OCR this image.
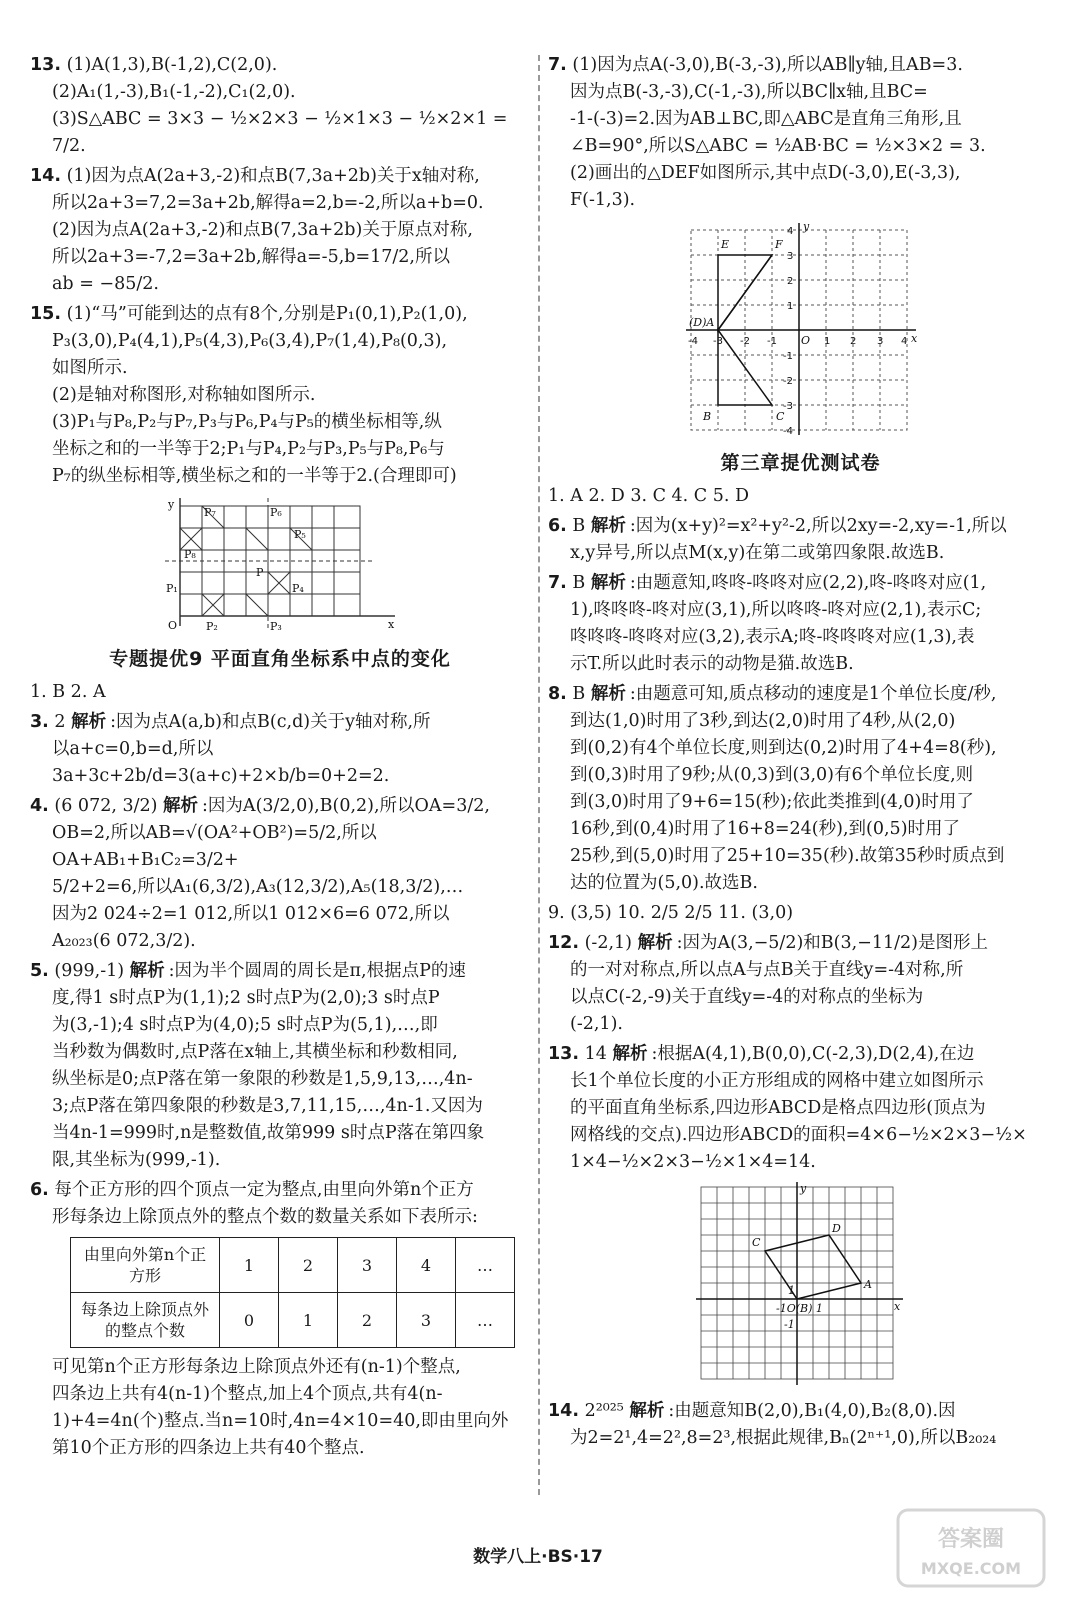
13. (1)A(1,3),B(-1,2),C(2,0).
(2)A₁(1,-3),B₁(-1,-2),C₁(2,0).
(3)S△ABC = 3×3 − ½×2×3 − ½×1×3 − ½×2×1 = 7/2.
14. (1)因为点A(2a+3,-2)和点B(7,3a+2b)关于x轴对称,
所以2a+3=7,2=3a+2b,解得a=2,b=-2,所以a+b=0.
(2)因为点A(2a+3,-2)和点B(7,3a+2b)关于原点对称,
所以2a+3=-7,2=3a+2b,解得a=-5,b=17/2,所以
ab = −85/2.
15. (1)“马”可能到达的点有8个,分别是P₁(0,1),P₂(1,0),
P₃(3,0),P₄(4,1),P₅(4,3),P₆(3,4),P₇(1,4),P₈(0,3),
如图所示.
(2)是轴对称图形,对称轴如图所示.
(3)P₁与P₈,P₂与P₇,P₃与P₆,P₄与P₅的横坐标相等,纵
坐标之和的一半等于2;P₁与P₄,P₂与P₃,P₅与P₈,P₆与
P₇的纵坐标相等,横坐标之和的一半等于2.(合理即可)
P₇	P₆
P₅
P₈
P₁	P₄
P
O	P₂	P₃	x
y
专题提优9 平面直角坐标系中点的变化
1. B 2. A
3. 2 解析 :因为点A(a,b)和点B(c,d)关于y轴对称,所
以a+c=0,b=d,所以3a+3c+2b/d=3(a+c)+2×b/b=0+2=2.
4. (6 072, 3/2) 解析 :因为A(3/2,0),B(0,2),所以OA=3/2,
OB=2,所以AB=√(OA²+OB²)=5/2,所以OA+AB₁+B₁C₂=3/2+
5/2+2=6,所以A₁(6,3/2),A₃(12,3/2),A₅(18,3/2),…
因为2 024÷2=1 012,所以1 012×6=6 072,所以
A₂₀₂₃(6 072,3/2).
5. (999,-1) 解析 :因为半个圆周的周长是π,根据点P的速
度,得1 s时点P为(1,1);2 s时点P为(2,0);3 s时点P
为(3,-1);4 s时点P为(4,0);5 s时点P为(5,1),…,即
当秒数为偶数时,点P落在x轴上,其横坐标和秒数相同,
纵坐标是0;点P落在第一象限的秒数是1,5,9,13,…,4n-
3;点P落在第四象限的秒数是3,7,11,15,…,4n-1.又因为
当4n-1=999时,n是整数值,故第999 s时点P落在第四象
限,其坐标为(999,-1).
6. 每个正方形的四个顶点一定为整点,由里向外第n个正方
形每条边上除顶点外的整点个数的数量关系如下表所示:
由里向外第n个正方形	1	2	3	4	…
每条边上除顶点外的整点个数	0	1	2	3	…
可见第n个正方形每条边上除顶点外还有(n-1)个整点,
四条边上共有4(n-1)个整点,加上4个顶点,共有4(n-
1)+4=4n(个)整点.当n=10时,4n=4×10=40,即由里向外
第10个正方形的四条边上共有40个整点.
7. (1)因为点A(-3,0),B(-3,-3),所以AB∥y轴,且AB=3.
因为点B(-3,-3),C(-1,-3),所以BC∥x轴,且BC=
-1-(-3)=2.因为AB⊥BC,即△ABC是直角三角形,且
∠B=90°,所以S△ABC = ½AB·BC = ½×3×2 = 3.
(2)画出的△DEF如图所示,其中点D(-3,0),E(-3,3),
F(-1,3).
E	F
(D)A
B	C
O	x
y
-4 -3 -2 -1	1 2 3 4
4
3
2
1
-1
-2
-3
-4
第三章提优测试卷
1. A 2. D 3. C 4. C 5. D
6. B 解析 :因为(x+y)²=x²+y²-2,所以2xy=-2,xy=-1,所以
x,y异号,所以点M(x,y)在第二或第四象限.故选B.
7. B 解析 :由题意知,咚咚-咚咚对应(2,2),咚-咚咚对应(1,
1),咚咚咚-咚对应(3,1),所以咚咚-咚对应(2,1),表示C;
咚咚咚-咚咚对应(3,2),表示A;咚-咚咚咚对应(1,3),表
示T.所以此时表示的动物是猫.故选B.
8. B 解析 :由题意可知,质点移动的速度是1个单位长度/秒,
到达(1,0)时用了3秒,到达(2,0)时用了4秒,从(2,0)
到(0,2)有4个单位长度,则到达(0,2)时用了4+4=8(秒),
到(0,3)时用了9秒;从(0,3)到(3,0)有6个单位长度,则
到(3,0)时用了9+6=15(秒);依此类推到(4,0)时用了
16秒,到(0,4)时用了16+8=24(秒),到(0,5)时用了
25秒,到(5,0)时用了25+10=35(秒).故第35秒时质点到
达的位置为(5,0).故选B.
9. (3,5) 10. 2/5 2/5 11. (3,0)
12. (-2,1) 解析 :因为A(3,−5/2)和B(3,−11/2)是图形上
的一对对称点,所以点A与点B关于直线y=-4对称,所
以点C(-2,-9)关于直线y=-4的对称点的坐标为
(-2,1).
13. 14 解析 :根据A(4,1),B(0,0),C(-2,3),D(2,4),在边
长1个单位长度的小正方形组成的网格中建立如图所示
的平面直角坐标系,四边形ABCD是格点四边形(顶点为
网格线的交点).四边形ABCD的面积=4×6−½×2×3−½×
1×4−½×2×3−½×1×4=14.
C
D
A
-1O(B) 1
1
-1
x
y
14. 2²⁰²⁵ 解析 :由题意知B(2,0),B₁(4,0),B₂(8,0).因
为2=2¹,4=2²,8=2³,根据此规律,Bₙ(2ⁿ⁺¹,0),所以B₂₀₂₄
数学八上·BS·17
答案圈
MXQE.COM
